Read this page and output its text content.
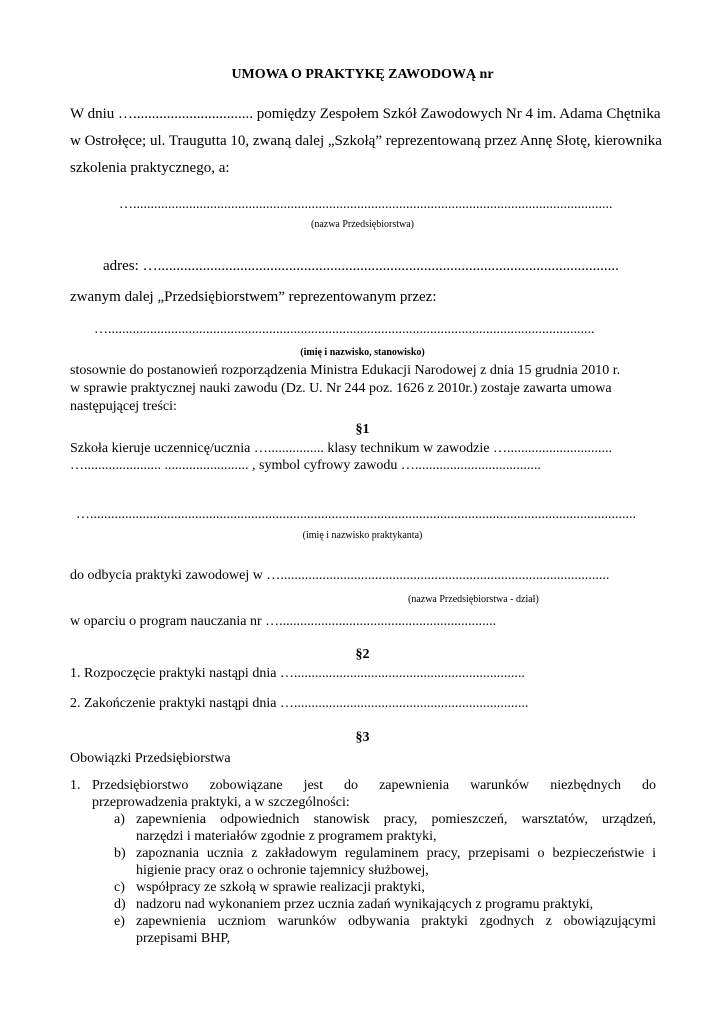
UMOWA O PRAKTYKĘ ZAWODOWĄ nr
W dniu …................................ pomiędzy Zespołem Szkół Zawodowych Nr 4 im. Adama Chętnika
w Ostrołęce; ul. Traugutta 10, zwaną dalej „Szkołą” reprezentowaną przez Annę Słotę, kierownika
szkolenia praktycznego, a:
….........................................................................................................................................
(nazwa Przedsiębiorstwa)
adres: …...........................................................................................................................
zwanym dalej „Przedsiębiorstwem” reprezentowanym przez:
…...........................................................................................................................................
(imię i nazwisko, stanowisko)
stosownie do postanowień rozporządzenia Ministra Edukacji Narodowej z dnia 15 grudnia 2010 r.
w sprawie praktycznej nauki zawodu (Dz. U. Nr 244 poz. 1626 z 2010r.) zostaje zawarta umowa
następującej treści:
§1
Szkoła kieruje uczennicę/ucznia …................ klasy technikum w zawodzie …..............................
…...................... ........................ , symbol cyfrowy zawodu …....................................
…............................................................................................................................................................
(imię i nazwisko praktykanta)
do odbycia praktyki zawodowej w …..............................................................................................
(nazwa Przedsiębiorstwa - dział)
w oparciu o program nauczania nr …..............................................................
§2
1. Rozpoczęcie praktyki nastąpi dnia …..................................................................
2. Zakończenie praktyki nastąpi dnia …...................................................................
§3
Obowiązki Przedsiębiorstwa
1. Przedsiębiorstwo zobowiązane jest do zapewnienia warunków niezbędnych do
przeprowadzenia praktyki, a w szczególności:
a) zapewnienia odpowiednich stanowisk pracy, pomieszczeń, warsztatów, urządzeń,
narzędzi i materiałów zgodnie z programem praktyki,
b) zapoznania ucznia z zakładowym regulaminem pracy, przepisami o bezpieczeństwie i
higienie pracy oraz o ochronie tajemnicy służbowej,
c) współpracy ze szkołą w sprawie realizacji praktyki,
d) nadzoru nad wykonaniem przez ucznia zadań wynikających z programu praktyki,
e) zapewnienia uczniom warunków odbywania praktyki zgodnych z obowiązującymi
przepisami BHP,
